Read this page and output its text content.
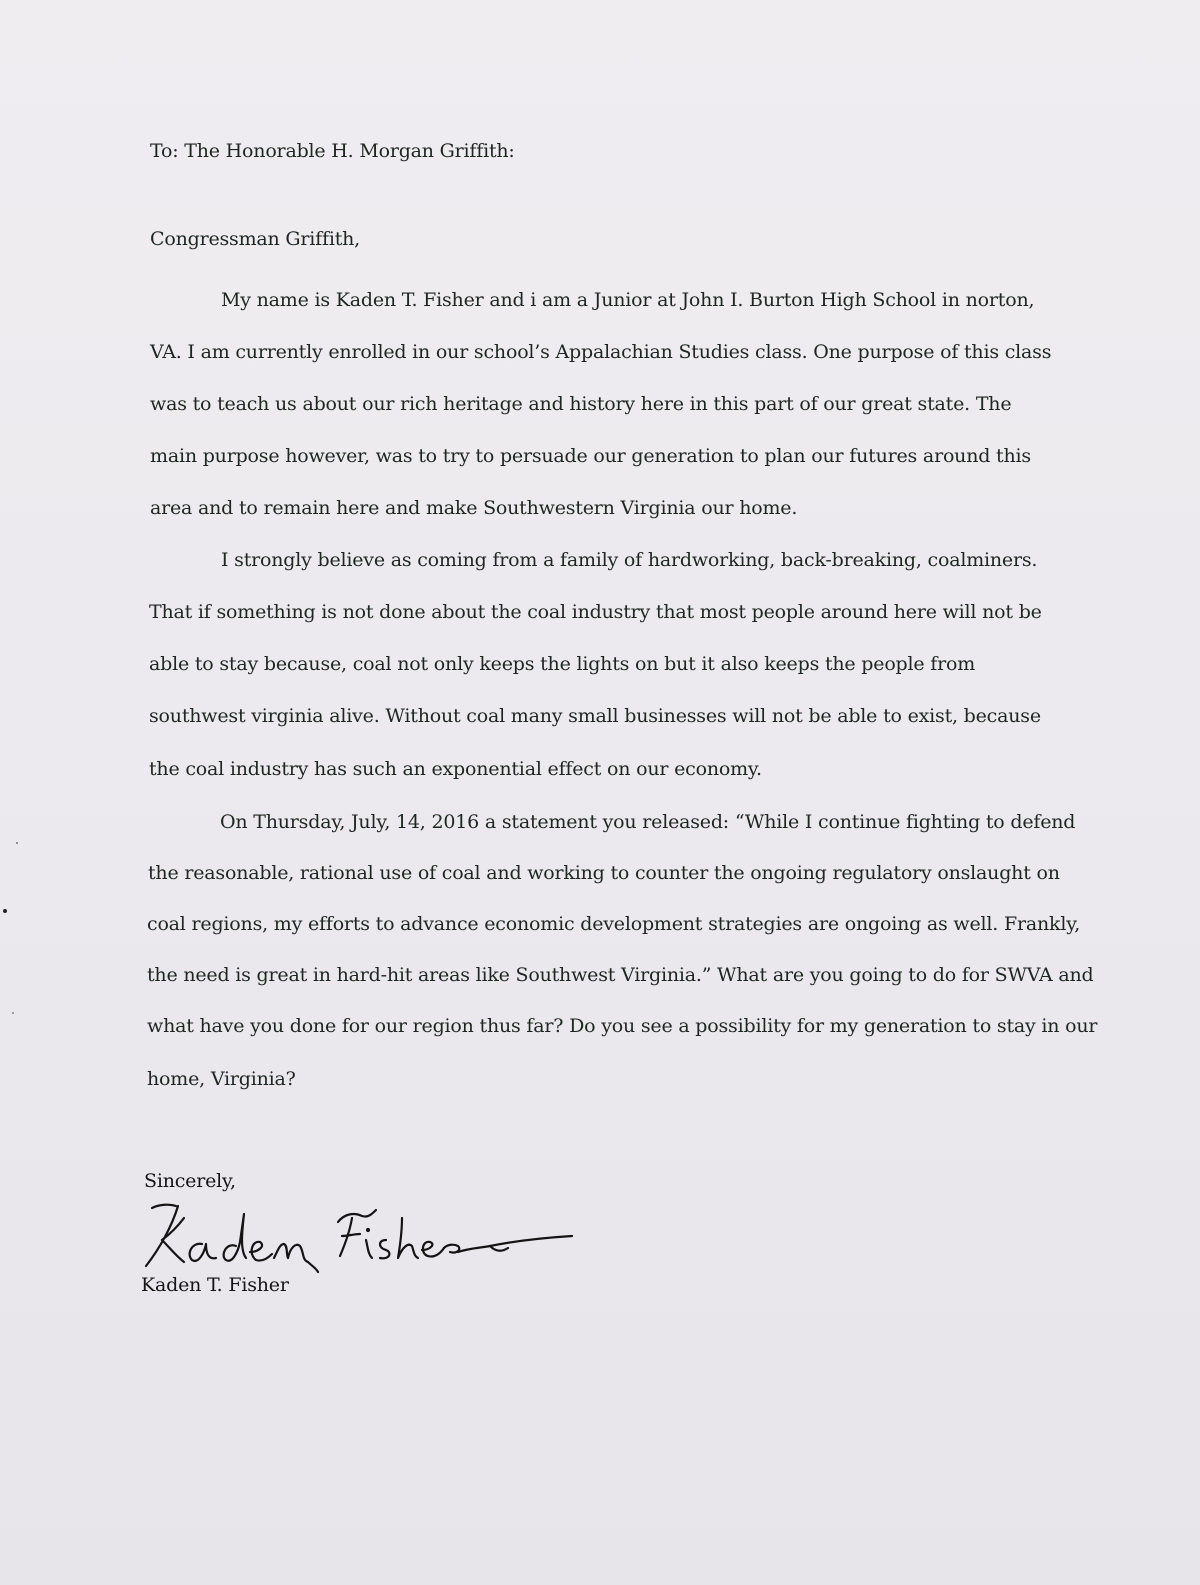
To: The Honorable H. Morgan Griffith:

Congressman Griffith,

My name is Kaden T. Fisher and i am a Junior at John I. Burton High School in norton,

VA. I am currently enrolled in our school’s Appalachian Studies class. One purpose of this class

was to teach us about our rich heritage and history here in this part of our great state. The

main purpose however, was to try to persuade our generation to plan our futures around this

area and to remain here and make Southwestern Virginia our home.

I strongly believe as coming from a family of hardworking, back-breaking, coalminers.

That if something is not done about the coal industry that most people around here will not be

able to stay because, coal not only keeps the lights on but it also keeps the people from

southwest virginia alive. Without coal many small businesses will not be able to exist, because

the coal industry has such an exponential effect on our economy.

On Thursday, July, 14, 2016 a statement you released: “While I continue fighting to defend

the reasonable, rational use of coal and working to counter the ongoing regulatory onslaught on

coal regions, my efforts to advance economic development strategies are ongoing as well. Frankly,

the need is great in hard-hit areas like Southwest Virginia.” What are you going to do for SWVA and

what have you done for our region thus far? Do you see a possibility for my generation to stay in our

home, Virginia?

Sincerely,

Kaden T. Fisher
